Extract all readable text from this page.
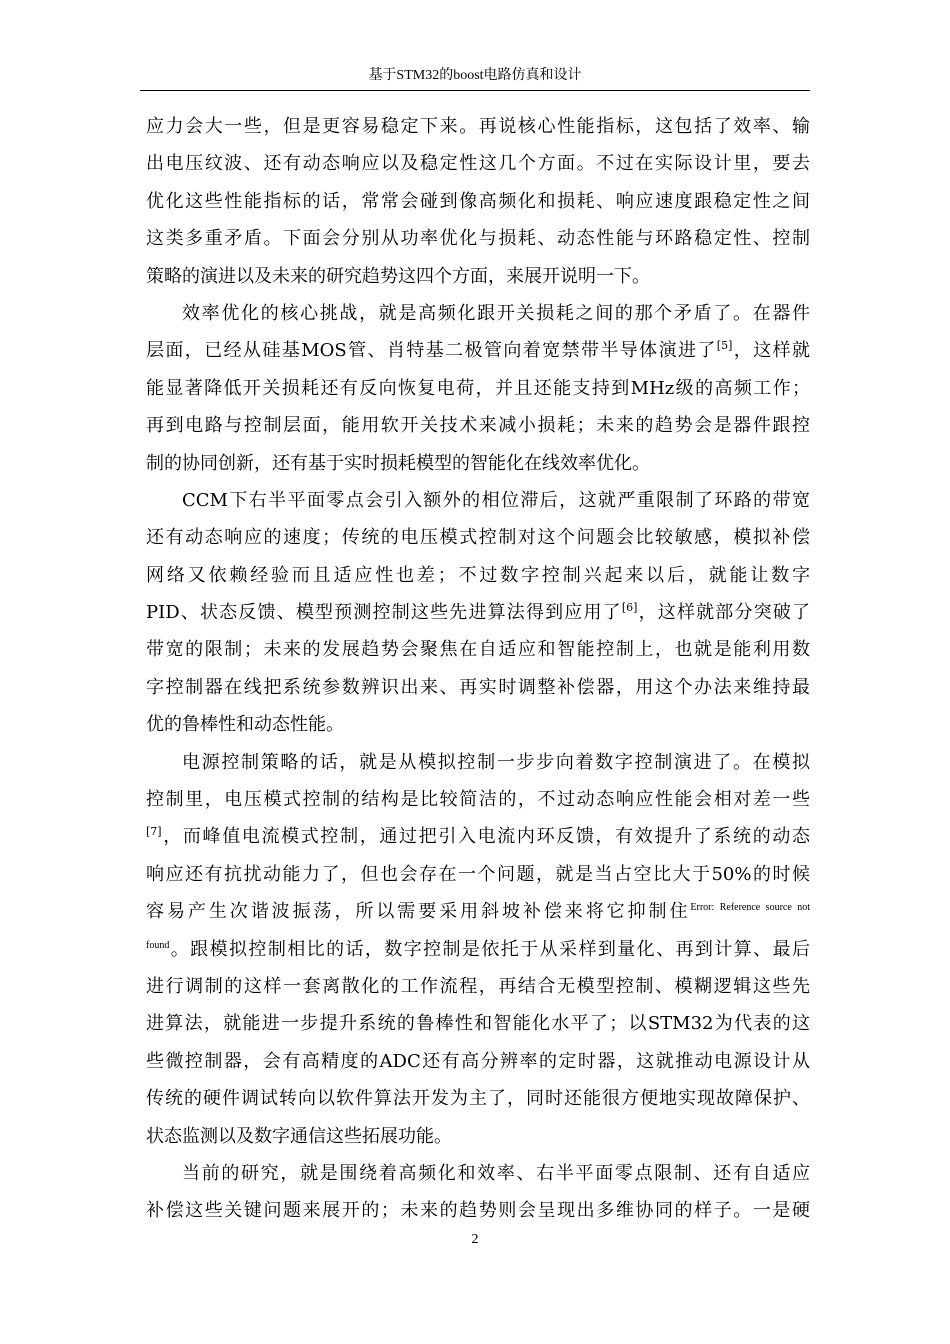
基于STM32的boost电路仿真和设计
应力会大一些，但是更容易稳定下来。再说核心性能指标，这包括了效率、输
出电压纹波、还有动态响应以及稳定性这几个方面。不过在实际设计里，要去
优化这些性能指标的话，常常会碰到像高频化和损耗、响应速度跟稳定性之间
这类多重矛盾。下面会分别从功率优化与损耗、动态性能与环路稳定性、控制
策略的演进以及未来的研究趋势这四个方面，来展开说明一下。
效率优化的核心挑战，就是高频化跟开关损耗之间的那个矛盾了。在器件
层面，已经从硅基MOS管、肖特基二极管向着宽禁带半导体演进了[5]，这样就
能显著降低开关损耗还有反向恢复电荷，并且还能支持到MHz级的高频工作；
再到电路与控制层面，能用软开关技术来减小损耗；未来的趋势会是器件跟控
制的协同创新，还有基于实时损耗模型的智能化在线效率优化。
CCM下右半平面零点会引入额外的相位滞后，这就严重限制了环路的带宽
还有动态响应的速度；传统的电压模式控制对这个问题会比较敏感，模拟补偿
网络又依赖经验而且适应性也差；不过数字控制兴起来以后，就能让数字
PID、状态反馈、模型预测控制这些先进算法得到应用了[6]，这样就部分突破了
带宽的限制；未来的发展趋势会聚焦在自适应和智能控制上，也就是能利用数
字控制器在线把系统参数辨识出来、再实时调整补偿器，用这个办法来维持最
优的鲁棒性和动态性能。
电源控制策略的话，就是从模拟控制一步步向着数字控制演进了。在模拟
控制里，电压模式控制的结构是比较简洁的，不过动态响应性能会相对差一些
[7]，而峰值电流模式控制，通过把引入电流内环反馈，有效提升了系统的动态
响应还有抗扰动能力了，但也会存在一个问题，就是当占空比大于50%的时候
容易产生次谐波振荡，所以需要采用斜坡补偿来将它抑制住$^{Error: Reference source not}$
$^{found}$。跟模拟控制相比的话，数字控制是依托于从采样到量化、再到计算、最后
进行调制的这样一套离散化的工作流程，再结合无模型控制、模糊逻辑这些先
进算法，就能进一步提升系统的鲁棒性和智能化水平了；以STM32为代表的这
些微控制器，会有高精度的ADC还有高分辨率的定时器，这就推动电源设计从
传统的硬件调试转向以软件算法开发为主了，同时还能很方便地实现故障保护、
状态监测以及数字通信这些拓展功能。
当前的研究，就是围绕着高频化和效率、右半平面零点限制、还有自适应
补偿这些关键问题来展开的；未来的趋势则会呈现出多维协同的样子。一是硬
2
